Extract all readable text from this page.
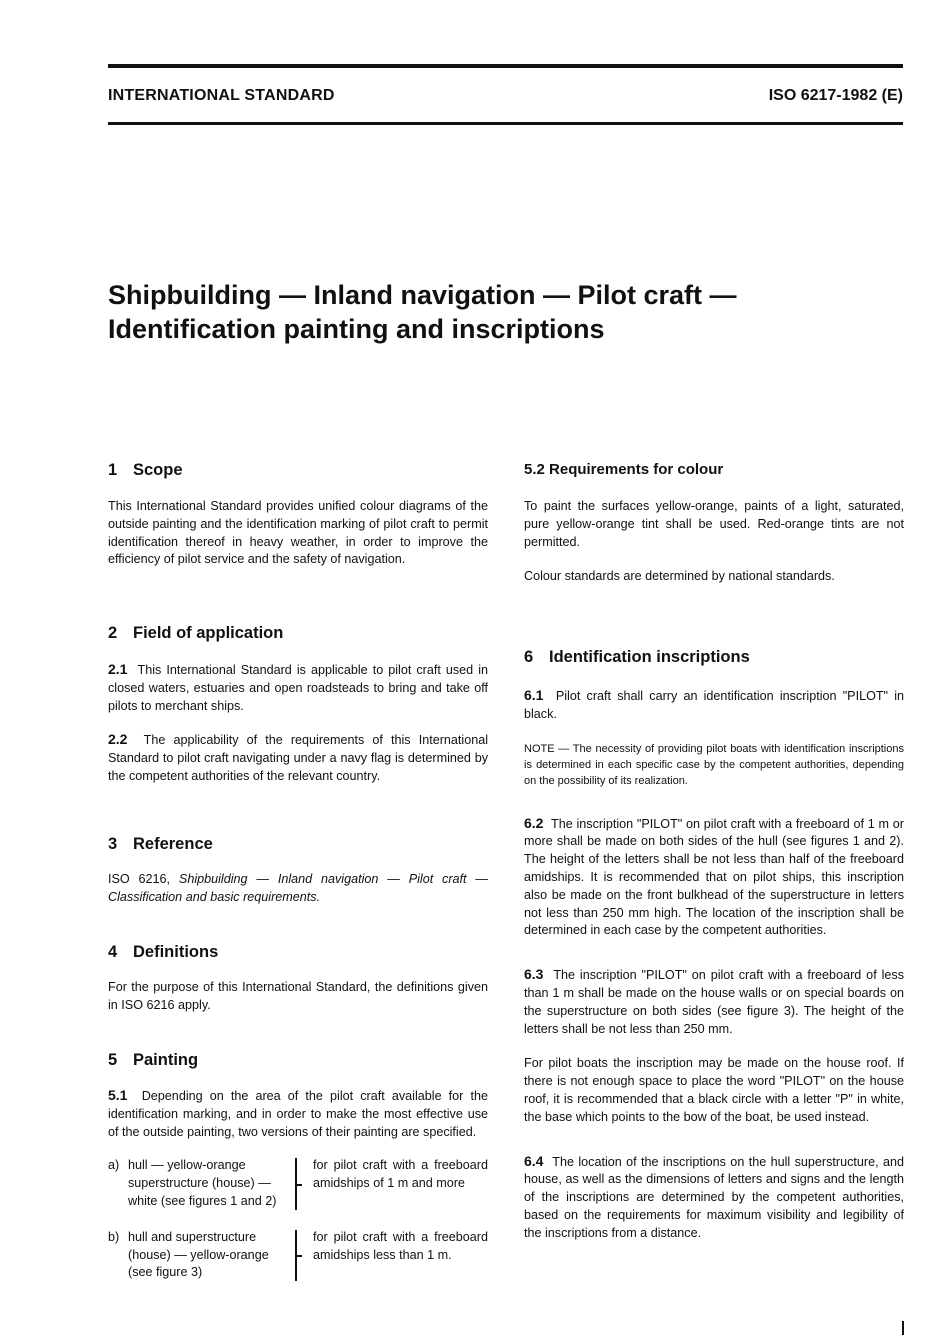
INTERNATIONAL STANDARD	ISO 6217-1982 (E)
Shipbuilding — Inland navigation — Pilot craft —
Identification painting and inscriptions
1 Scope

This International Standard provides unified colour diagrams of the outside painting and the identification marking of pilot craft to permit identification thereof in heavy weather, in order to improve the efficiency of pilot service and the safety of navigation.

2 Field of application

2.1 This International Standard is applicable to pilot craft used in closed waters, estuaries and open roadsteads to bring and take off pilots to merchant ships.

2.2 The applicability of the requirements of this International Standard to pilot craft navigating under a navy flag is determined by the competent authorities of the relevant country.

3 Reference

ISO 6216, Shipbuilding — Inland navigation — Pilot craft — Classification and basic requirements.

4 Definitions

For the purpose of this International Standard, the definitions given in ISO 6216 apply.

5 Painting

5.1 Depending on the area of the pilot craft available for the identification marking, and in order to make the most effective use of the outside painting, two versions of their painting are specified.

a) hull — yellow-orange superstructure (house) — white (see figures 1 and 2)
for pilot craft with a freeboard amidships of 1 m and more
b) hull and superstructure (house) — yellow-orange (see figure 3)
for pilot craft with a freeboard amidships less than 1 m.
5.2 Requirements for colour

To paint the surfaces yellow-orange, paints of a light, saturated, pure yellow-orange tint shall be used. Red-orange tints are not permitted.

Colour standards are determined by national standards.

6 Identification inscriptions

6.1 Pilot craft shall carry an identification inscription "PILOT" in black.

NOTE — The necessity of providing pilot boats with identification inscriptions is determined in each specific case by the competent authorities, depending on the possibility of its realization.

6.2 The inscription "PILOT" on pilot craft with a freeboard of 1 m or more shall be made on both sides of the hull (see figures 1 and 2). The height of the letters shall be not less than half of the freeboard amidships. It is recommended that on pilot ships, this inscription also be made on the front bulkhead of the superstructure in letters not less than 250 mm high. The location of the inscription shall be determined in each case by the competent authorities.

6.3 The inscription "PILOT" on pilot craft with a freeboard of less than 1 m shall be made on the house walls or on special boards on the superstructure on both sides (see figure 3). The height of the letters shall be not less than 250 mm.

For pilot boats the inscription may be made on the house roof. If there is not enough space to place the word "PILOT" on the house roof, it is recommended that a black circle with a letter "P" in white, the base which points to the bow of the boat, be used instead.

6.4 The location of the inscriptions on the hull superstructure, and house, as well as the dimensions of letters and signs and the length of the inscriptions are determined by the competent authorities, based on the requirements for maximum visibility and legibility of the inscriptions from a distance.
